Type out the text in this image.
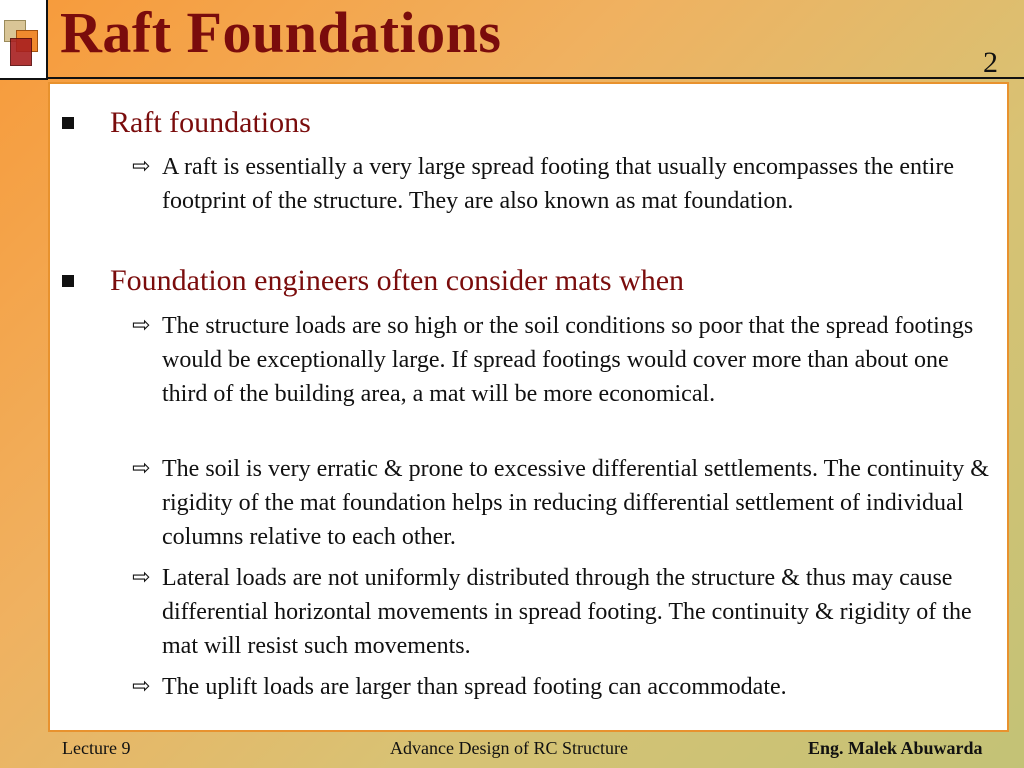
Raft Foundations	2
Raft foundations
⇨ A raft is essentially a very large spread footing that usually encompasses the entire footprint of the structure. They are also known as mat foundation.
Foundation engineers often consider mats when
⇨ The structure loads are so high or the soil conditions so poor that the spread footings would be exceptionally large. If spread footings would cover more than about one third of the building area, a mat will be more economical.
⇨ The soil is very erratic & prone to excessive differential settlements. The continuity & rigidity of the mat foundation helps in reducing differential settlement of individual columns relative to each other.
⇨ Lateral loads are not uniformly distributed through the structure & thus may cause differential horizontal movements in spread footing. The continuity & rigidity of the mat will resist such movements.
⇨ The uplift loads are larger than spread footing can accommodate.
Lecture 9	Advance Design of RC Structure	Eng. Malek Abuwarda
